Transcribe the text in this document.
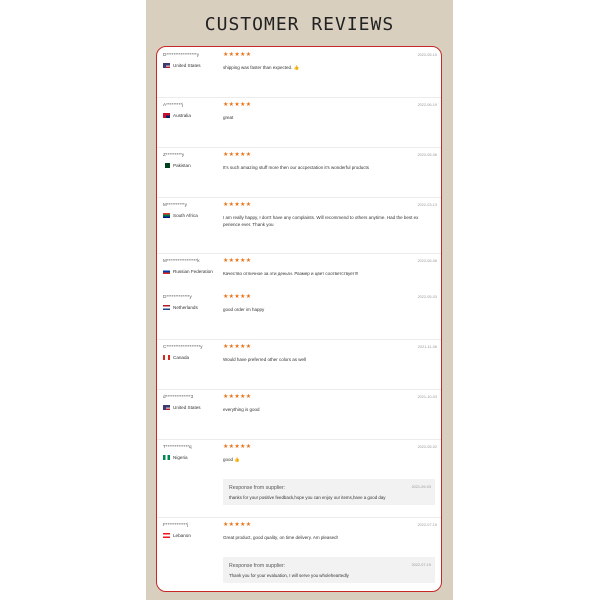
CUSTOMER REVIEWS
D*****************y
United States
★★★★★	2022-05-10
shipping was faster than expected. 👍
A*********j
Australia
★★★★★	2022-06-19
great
Z*********y
Pakistan
★★★★★	2022-05-06
It's such amazing stuff more then our accpectation it's wonderful products
M**********y
South Africa
★★★★★	2022-03-13
I am really happy, I don't have any complaints. Will recommend to others anytime. Had the best ex perience ever. Thank you
M*****************k
Russian Federation
★★★★★	2022-05-06
Качество отличное за эти деньги. Размер и цвет соответствует!!!
D*************y
Netherlands
★★★★★	2022-05-03
good order im happy
C*******************y
Canada
★★★★★	2021-11-06
Would have preferred other colors as well
d**************3
United States
★★★★★	2021-10-03
everything is good
T*************q
Nigeria
★★★★★	2022-05-02
good 👍
Response from supplier:	2021-09-03
thanks for your positive feedback,hope you can enjoy our items,have a good day
F************j
Lebanon
★★★★★	2022-07-15
Great product, good quality, on time delivery. Am pleased!
Response from supplier:	2022-07-19
Thank you for your evaluation, I will serve you wholeheartedly
